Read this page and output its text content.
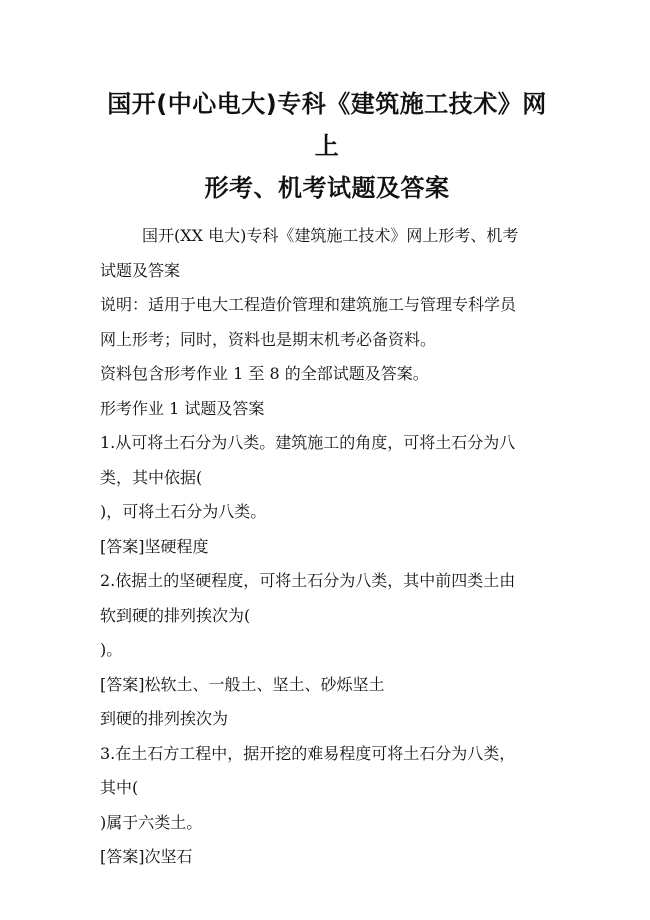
国开(中心电大)专科《建筑施工技术》网上
形考、机考试题及答案

国开(XX 电大)专科《建筑施工技术》网上形考、机考

试题及答案

说明：适用于电大工程造价管理和建筑施工与管理专科学员

网上形考；同时，资料也是期末机考必备资料。

资料包含形考作业 1 至 8 的全部试题及答案。

形考作业 1 试题及答案

1.从可将土石分为八类。建筑施工的角度，可将土石分为八

类，其中依据(

)，可将土石分为八类。

[答案]坚硬程度

2.依据土的坚硬程度，可将土石分为八类，其中前四类土由

软到硬的排列挨次为(

)。

[答案]松软土、一般土、坚土、砂烁坚土

到硬的排列挨次为

3.在土石方工程中，据开挖的难易程度可将土石分为八类，

其中(

)属于六类土。

[答案]次坚石
